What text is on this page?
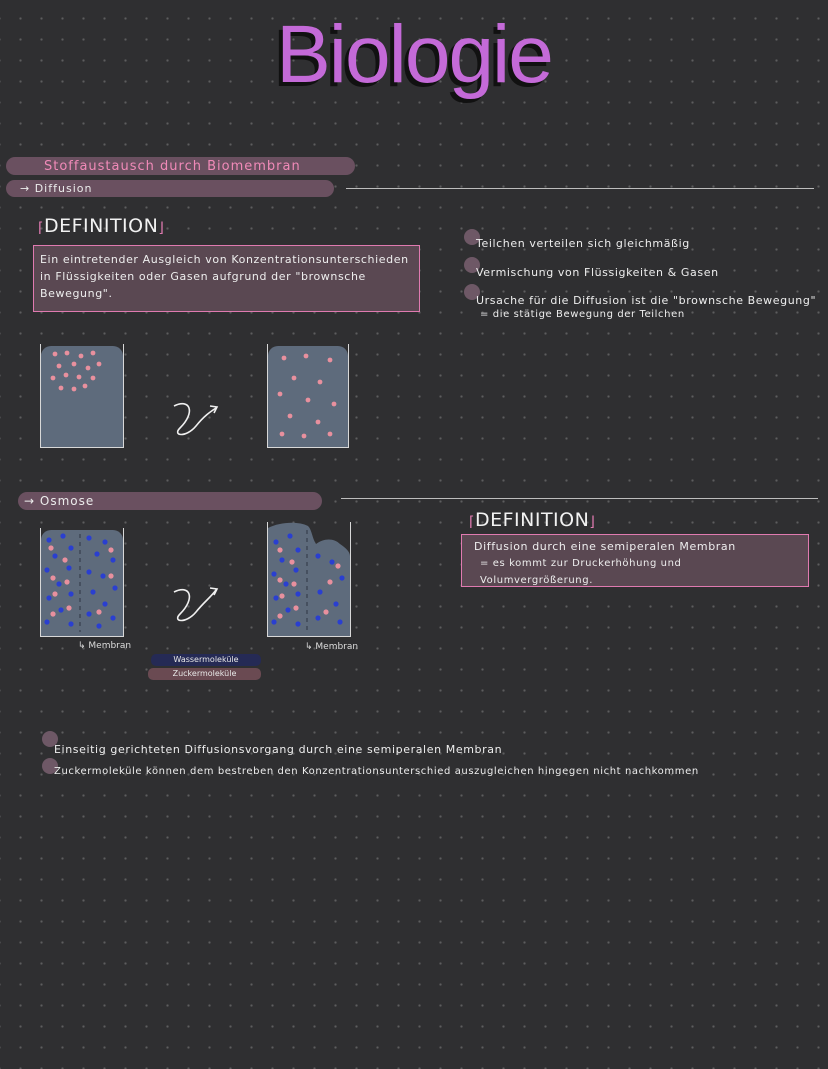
Biologie
Stoffaustausch durch Biomembran
→ Diffusion
⌈DEFINITION⌋
Ein eintretender Ausgleich von Konzentrationsunterschieden in Flüssigkeiten oder Gasen aufgrund der "brownsche Bewegung".
Teilchen verteilen sich gleichmäßig
Vermischung von Flüssigkeiten & Gasen
Ursache für die Diffusion ist die "brownsche Bewegung"
= die stätige Bewegung der Teilchen
→ Osmose
⌈DEFINITION⌋
Diffusion durch eine semiperalen Membran
= es kommt zur Druckerhöhung und Volumvergrößerung.
↳ Membran	↳ Membran
Wassermoleküle
Zuckermoleküle
Einseitig gerichteten Diffusionsvorgang durch eine semiperalen Membran
Zuckermoleküle können dem bestreben den Konzentrationsunterschied auszugleichen hingegen nicht nachkommen
